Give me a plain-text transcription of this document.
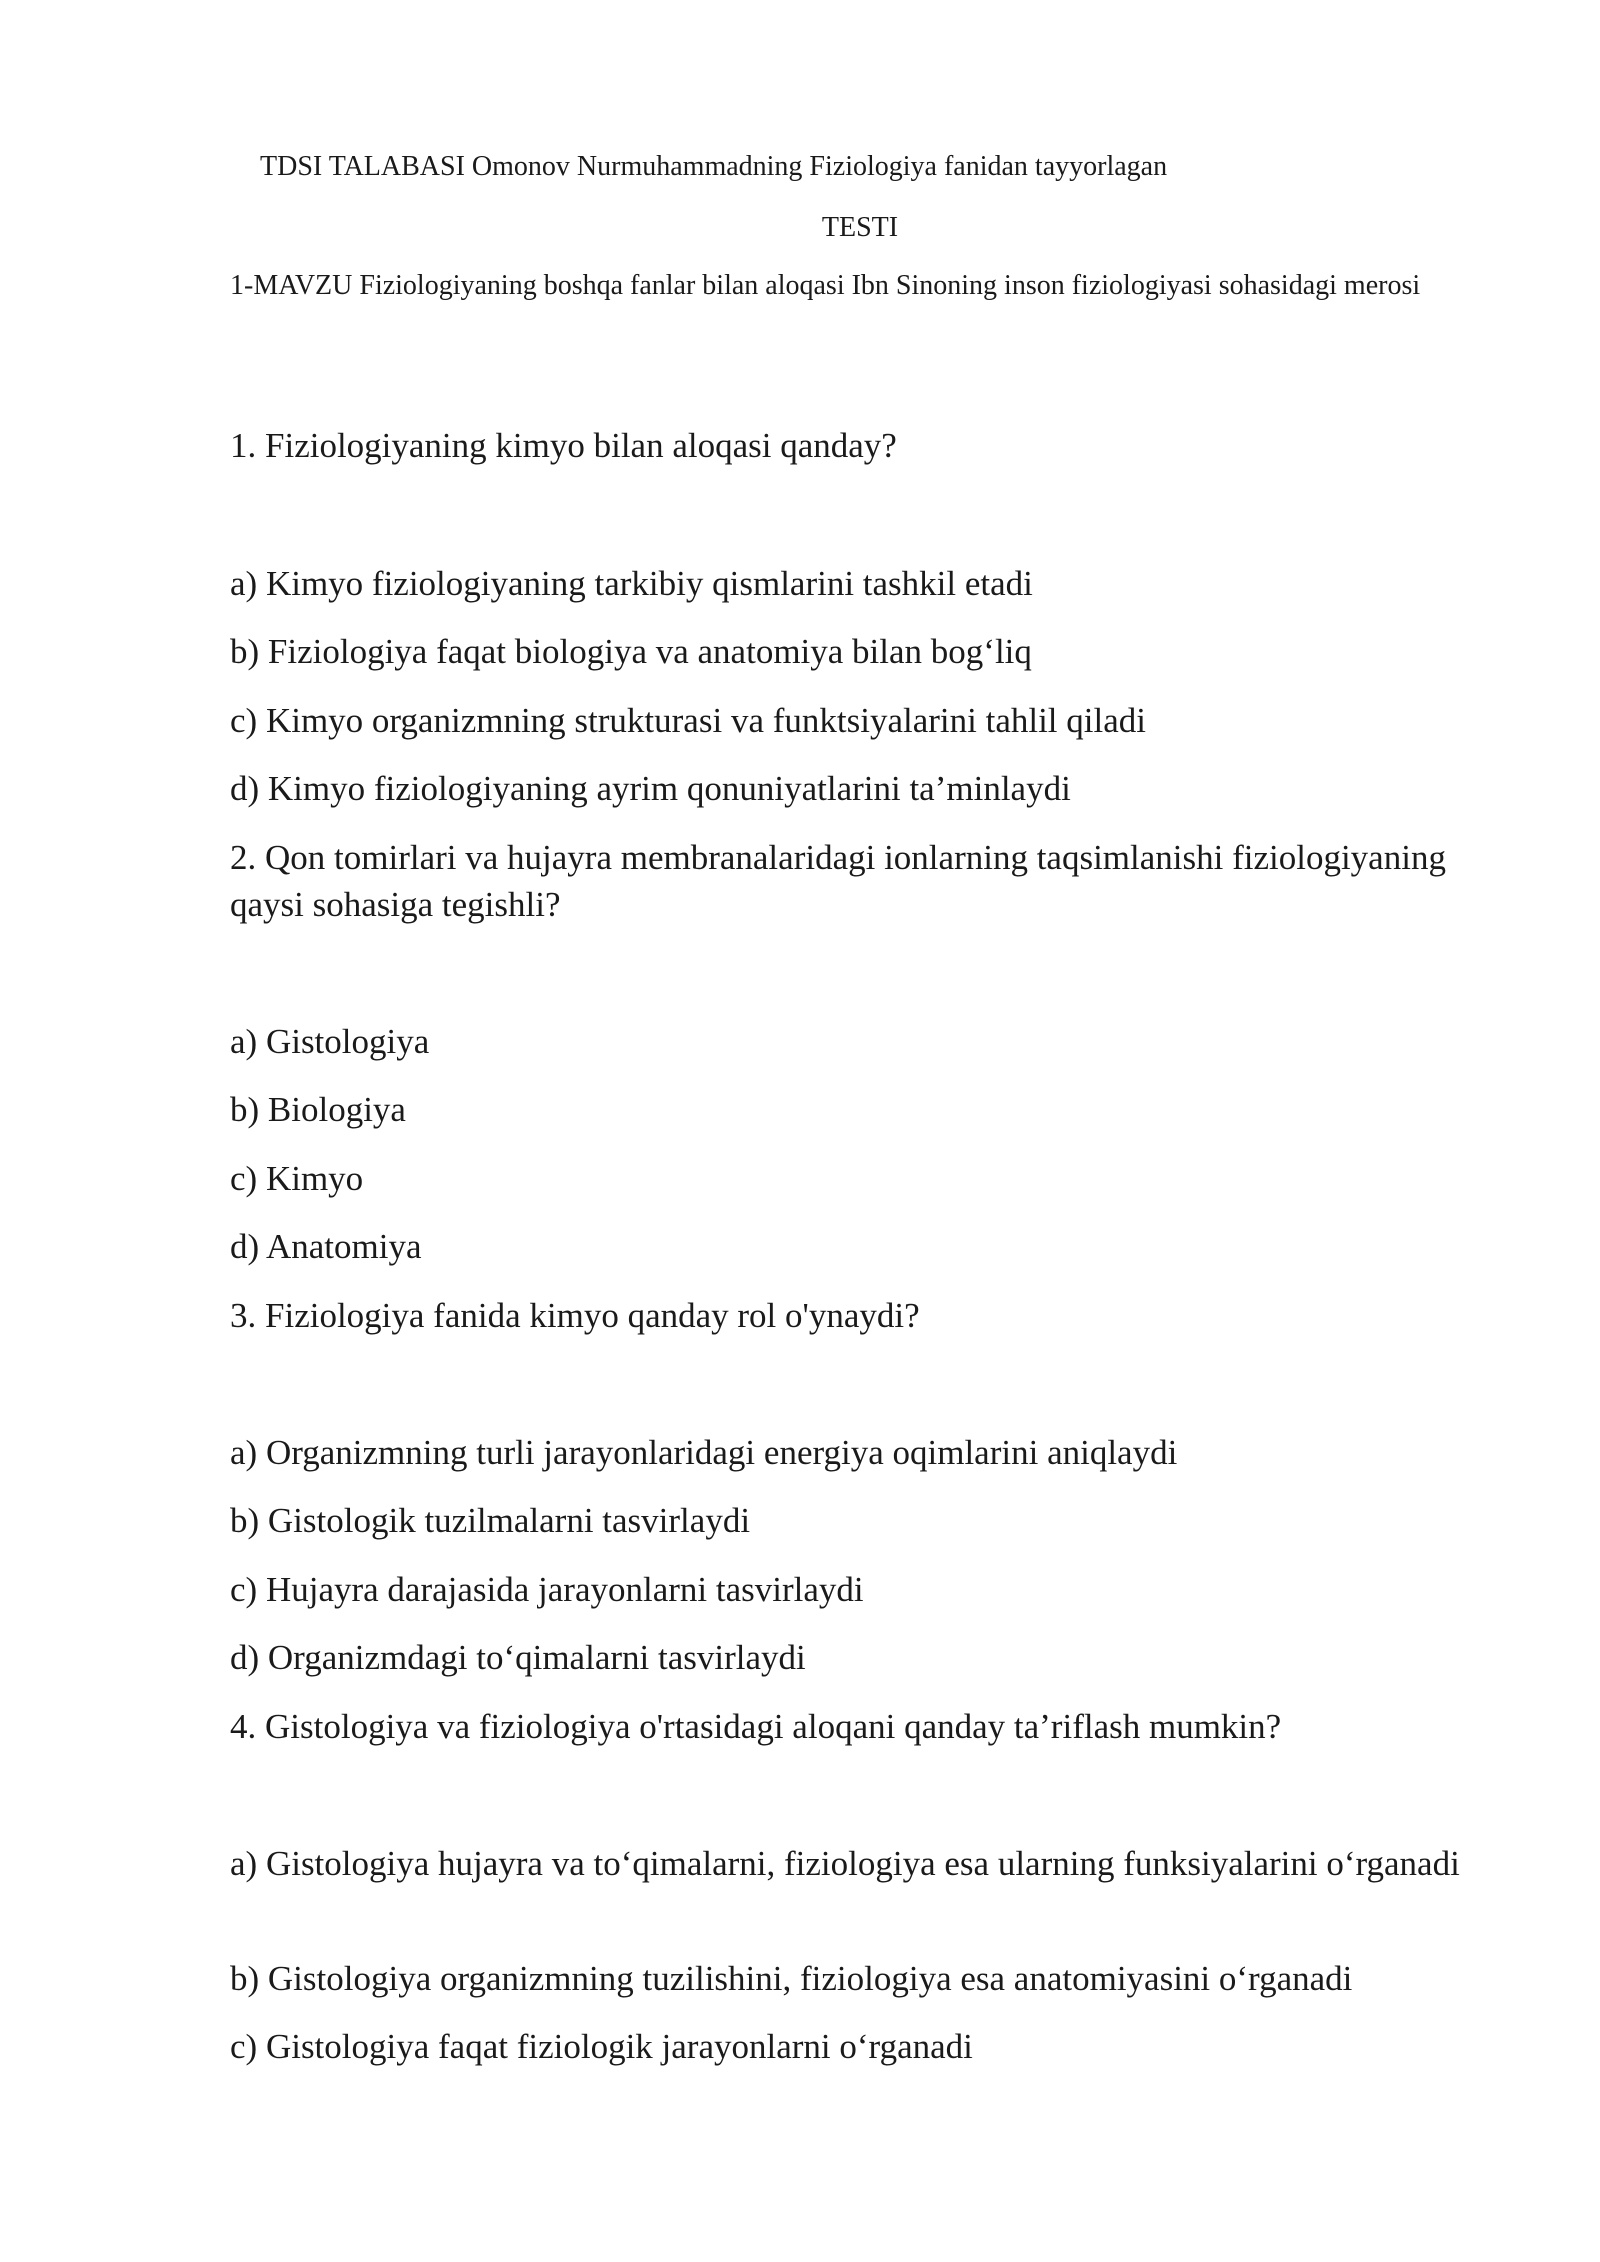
TDSI TALABASI Omonov Nurmuhammadning Fiziologiya fanidan tayyorlagan
TESTI
1-MAVZU Fiziologiyaning boshqa fanlar bilan aloqasi Ibn Sinoning inson fiziologiyasi sohasidagi merosi
1. Fiziologiyaning kimyo bilan aloqasi qanday?
a) Kimyo fiziologiyaning tarkibiy qismlarini tashkil etadi
b) Fiziologiya faqat biologiya va anatomiya bilan bog‘liq
c) Kimyo organizmning strukturasi va funktsiyalarini tahlil qiladi
d) Kimyo fiziologiyaning ayrim qonuniyatlarini ta’minlaydi
2. Qon tomirlari va hujayra membranalaridagi ionlarning taqsimlanishi fiziologiyaning qaysi sohasiga tegishli?
a) Gistologiya
b) Biologiya
c) Kimyo
d) Anatomiya
3. Fiziologiya fanida kimyo qanday rol o'ynaydi?
a) Organizmning turli jarayonlaridagi energiya oqimlarini aniqlaydi
b) Gistologik tuzilmalarni tasvirlaydi
c) Hujayra darajasida jarayonlarni tasvirlaydi
d) Organizmdagi to‘qimalarni tasvirlaydi
4. Gistologiya va fiziologiya o'rtasidagi aloqani qanday ta’riflash mumkin?
a) Gistologiya hujayra va to‘qimalarni, fiziologiya esa ularning funksiyalarini o‘rganadi
b) Gistologiya organizmning tuzilishini, fiziologiya esa anatomiyasini o‘rganadi
c) Gistologiya faqat fiziologik jarayonlarni o‘rganadi
